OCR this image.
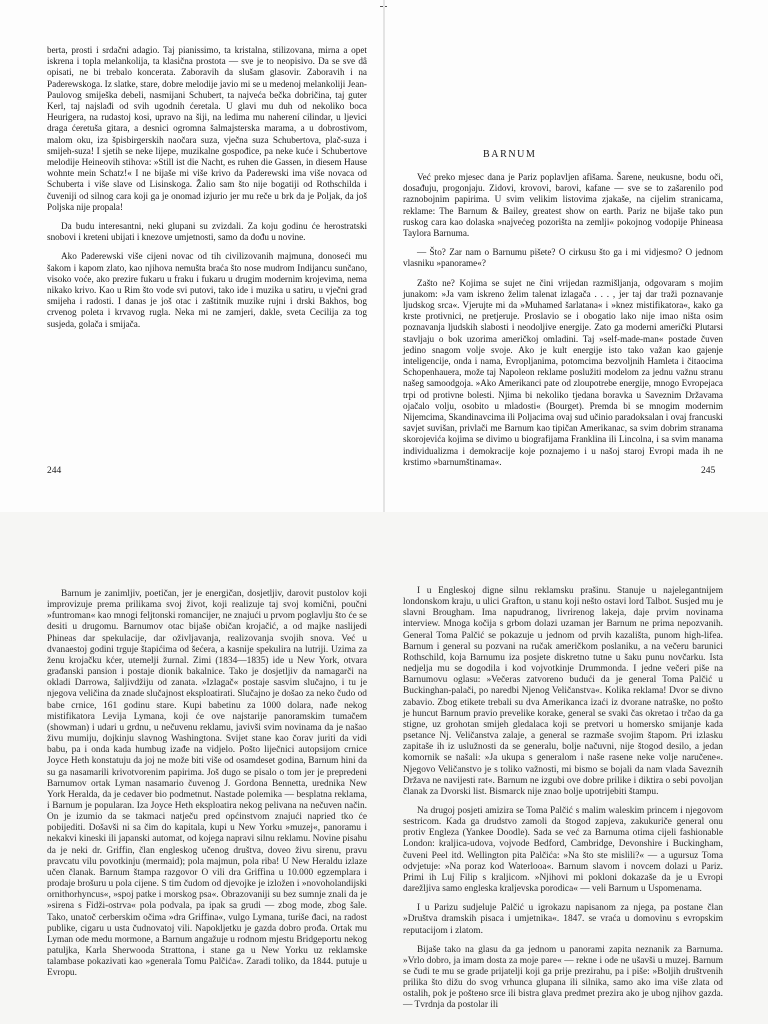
berta, prosti i srdačni adagio. Taj pianissimo, ta kristalna, stilizovana, mirna a opet iskrena i topla melankolija, ta klasična prostota — sve je to neopisivo. Da se sve dâ opisati, ne bi trebalo koncerata. Zaboravih da slušam glasovir. Zaboravih i na Paderewskoga. Iz slatke, stare, dobre melodije javio mi se u medenoj melankoliji Jean-Paulovog smiješka debeli, nasmijani Schubert, ta najveća bečka dobričina, taj guter Kerl, taj najslađi od svih ugodnih ćeretala. U glavi mu duh od nekoliko boca Heurigera, na rudastoj kosi, upravo na šiji, na ledima mu naherení cilindar, u ljevici draga ćeretuša gitara, a desnici ogromna šalmajsterska marama, a u dobrostivom, malom oku, iza špisbirgerskih naočara suza, vječna suza Schubertova, plač-suza i smijeh-suza! I sjetih se neke lijepe, muzikalne gospođice, pa neke kuće i Schubertove melodije Heineovih stihova: »Still ist die Nacht, es ruhen die Gassen, in diesem Hause wohnte mein Schatz!« I ne bijaše mi više krivo da Paderewski ima više novaca od Schuberta i više slave od Lisinskoga. Žalio sam što nije bogatiji od Rothschilda i čuveniji od silnog cara koji ga je onomad izjurio jer mu reče u brk da je Poljak, da još Poljska nije propala!

Da budu interesantni, neki glupani su zvizdali. Za koju godinu će herostratski snobovi i kreteni ubijati i knezove umjetnosti, samo da dođu u novine.

Ako Paderewski više cijeni novac od tih civilizovanih majmuna, donoseći mu šakom i kapom zlato, kao njihova nemušta braća što nose mudrom Indijancu sunčano, visoko voće, ako prezire fukaru u fraku i fukaru u drugim modernim krojevima, nema nikako krivo. Kao u Rim što vode svi putovi, tako ide i muzika u satiru, u vječni grad smijeha i radosti. I danas je još otac i zaštitnik muzike rujni i drski Bakhos, bog crvenog poleta i krvavog rugla. Neka mi ne zamjeri, dakle, sveta Cecilija za tog susjeda, golača i smijača.

244
BARNUM

Već preko mjesec dana je Pariz poplavljen afišama. Šarene, neukusne, bodu oči, dosađuju, progonjaju. Zidovi, krovovi, barovi, kafane — sve se to zašarenilo pod raznobojnim papirima. U svim velikim listovima zjakaše, na cijelim stranicama, reklame: The Barnum & Bailey, greatest show on earth. Pariz ne bijaše tako pun ruskog cara kao dolaska »najvećeg pozorišta na zemlji« pokojnog vodopije Phineasa Taylora Barnuma.

— Što? Zar nam o Barnumu pišete? O cirkusu što ga i mi vidjesmo? O jednom vlasniku »panorame«?

Zašto ne? Kojima se sujet ne čini vrijedan razmišljanja, odgovaram s mojim junakom: »Ja vam iskreno želim talenat izlagača . . . , jer taj dar traži poznavanje ljudskog srca«. Vjerujte mi da »Muhamed šarlatana« i »knez mistifikatora«, kako ga krste protivnici, ne pretjeruje. Proslavio se i obogatio lako nije imao ništa osim poznavanja ljudskih slabosti i neodoljive energije. Zato ga moderni američki Plutarsi stavljaju o bok uzorima američkoj omladini. Taj »self-made-man« postade čuven jedino snagom volje svoje. Ako je kult energije isto tako važan kao gajenje inteligencije, onda i nama, Evropljanima, potomcima bezvoljnih Hamleta i čitaocima Schopenhauera, može taj Napoleon reklame poslužiti modelom za jednu važnu stranu našeg samoodgoja. »Ako Amerikanci pate od zloupotrebe energije, mnogo Evropejaca trpi od protivne bolesti. Njima bi nekoliko tjedana boravka u Saveznim Državama ojačalo volju, osobito u mladosti« (Bourget). Premda bi se mnogim modernim Nijemcima, Skandinavcima ili Poljacima ovaj sud učinio paradoksalan i ovaj francuski savjet suvišan, privlači me Barnum kao tipičan Amerikanac, sa svim dobrim stranama skorojevića kojima se divimo u biografijama Franklina ili Lincolna, i sa svim manama individualizma i demokracije koje poznajemo i u našoj staroj Evropi mada ih ne krstimo »barnumštinama«.

245

Barnum je zanimljiv, poetičan, jer je energičan, dosjetljiv, darovit pustolov koji improvizuje prema prilikama svoj život, koji realizuje taj svoj komični, poučni »funtroman« kao mnogi feljtonski romancijer, ne znajući u prvom poglavlju što će se desiti u drugomu. Barnumov otac bijaše običan krojačić, a od majke naslijedi Phineas dar spekulacije, dar oživljavanja, realizovanja svojih snova. Već u dvanaestoj godini trguje štapićima od šećera, a kasnije spekulira na lutriji. Uzima za ženu krojačku kćer, utemelji žurnal. Zimi (1834—1835) ide u New York, otvara građanski pansion i postaje dionik bakalnice. Tako je dosjetljiv da namagarči na okladi Darrowa, šaljivdžiju od zanata. »Izlagač« postaje sasvim slučajno, i tu je njegova veličina da znade slučajnost eksploatirati. Slučajno je došao za neko čudo od babe crnice, 161 godinu stare. Kupi babetinu za 1000 dolara, nađe nekog mistifikatora Levija Lymana, koji će ove najstarije panoramskim tumačem (showman) i udari u grdnu, u nečuvenu reklamu, javivši svim novinama da je našao živu mumiju, dojkinju slavnog Washingtona. Svijet stane kao čorav juriti da vidi babu, pa i onda kada humbug izađe na vidjelo. Pošto liječnici autopsijom crnice Joyce Heth konstatuju da joj ne može biti više od osamdeset godina, Barnum hini da su ga nasamarili krivotvorenim papirima. Još dugo se pisalo o tom jer je prepredeni Barnumov ortak Lyman nasamario čuvenog J. Gordona Bennetta, urednika New York Heralda, da je cedaver bio podmetnut. Nastade polemika — besplatna reklama, i Barnum je popularan. Iza Joyce Heth eksploatira nekog pelivana na nečuven način. On je izumio da se takmaci natječu pred općinstvom znajući napried tko će pobijediti. Došavši ni sa čim do kapitala, kupi u New Yorku »muzej«, panoramu i nekakvi kineski ili japanski automat, od kojega napravi silnu reklamu. Novine pisahu da je neki dr. Griffin, član engleskog učenog društva, doveo živu sirenu, pravu pravcatu vilu povotkinju (mermaid); pola majmun, pola riba! U New Heraldu izlaze učen članak. Barnum štampa razgovor O vili dra Griffina u 10.000 egzemplara i prodaje brošuru u pola cijene. S tim čudom od djevojke je izložen i »novoholandijski ornithorhyncus«, »spoj patke i morskog psa«. Obrazovaniji su bez sumnje znali da je »sirena s Fidži-ostrva« pola podvala, pa ipak sa grudi — zbog mode, zbog šale. Tako, unatoč cerberskim očima »dra Griffina«, vulgo Lymana, turiše đaci, na radost publike, cigaru u usta čudnovatoj vili. Napokljetku je gazda dobro prođa. Ortak mu Lyman ode medu mormone, a Barnum angažuje u rodnom mjestu Bridgeportu nekog patuljka, Karla Sherwooda Strattona, i stane ga u New Yorku uz reklamske talambase pokazivati kao »generala Tomu Palčića«. Zaradi toliko, da 1844. putuje u Evropu.

I u Engleskoj digne silnu reklamsku prašinu. Stanuje u najelegantnijem londonskom kraju, u ulici Grafton, u stanu koji nešto ostavi lord Talbot. Susjed mu je slavni Brougham. Ima napudranog, livrirenog lakeja, daje prvim novinama interview. Mnoga kočija s grbom dolazi uzaman jer Barnum ne prima nepozvanih. General Toma Palčić se pokazuje u jednom od prvih kazališta, punom high-lifea. Barnum i general su pozvani na ručak američkom poslaniku, a na večeru barunici Rothschild, koja Barnumu iza posjete diskretno tutne u šaku punu novčarku. Ista nedjelja mu se dogodila i kod vojvotkinje Drummonda. I jedne večeri piše na Barnumovu oglasu: »Večeras zatvoreno budući da je general Toma Palčić u Buckinghan-palači, po naredbi Njenog Veličanstva«. Kolika reklama! Dvor se divno zabavio. Zbog etikete trebali su dva Amerikanca izaći iz dvorane natraške, no pošto je huncut Barnum pravio prevelike korake, general se svaki čas okretao i trčao da ga stigne, uz grohotan smijeh gledalaca koji se pretvori u homersko smijanje kada psetance Nj. Veličanstva zalaje, a general se razmaše svojim štapom. Pri izlasku zapitaše ih iz uslužnosti da se generalu, bolje načuvni, nije štogod desilo, a jedan komornik se našali: »Ja ukupa s generalom i naše rasene neke volje naručene«. Njegovo Veličanstvo je s toliko važnosti, mi bismo se bojali da nam vlada Saveznih Država ne navijesti rat«. Barnum ne izgubi ove dobre prilike i diktira o sebi povoljan članak za Dvorski list. Bismarck nije znao bolje upotrijebiti štampu.

Na drugoj posjeti amizira se Toma Palčić s malim waleskim princem i njegovom sestricom. Kada ga drudstvo zamoli da štogod zapjeva, zakukuriče general onu protiv Engleza (Yankee Doodle). Sada se već za Barnuma otima cijeli fashionable London: kraljica-udova, vojvode Bedford, Cambridge, Devonshire i Buckingham, čuveni Peel itd. Wellington pita Palčića: »Na što ste mislili?« — a ugursuz Toma odvjetuje: »Na poraz kod Waterlooa«. Barnum slavom i novcem dolazi u Pariz. Primi ih Luj Filip s kraljicom. »Njihovi mi pokloni dokazaše da je u Evropi darežljiva samo engleska kraljevska porodica« — veli Barnum u Uspomenama.

I u Parizu sudjeluje Palčić u igrokazu napisanom za njega, pa postane član »Društva dramskih pisaca i umjetnika«. 1847. se vraća u domovinu s evropskim reputacijom i zlatom.

Bijaše tako na glasu da ga jednom u panorami zapita neznanik za Barnuma. »Vrlo dobro, ja imam dosta za moje pare« — rekne i ode ne ušavši u muzej. Barnum se čudi te mu se grade prijatelji koji ga prije prezirahu, pa i piše: »Boljih društvenih prilika što dižu do svog vrhunca glupana ili silnika, samo ako ima više zlata od ostalih, pok je poštено srce ili bistra glava predmet prezira ako je ubog njihov gazda. — Tvrdnja da postolar ili
